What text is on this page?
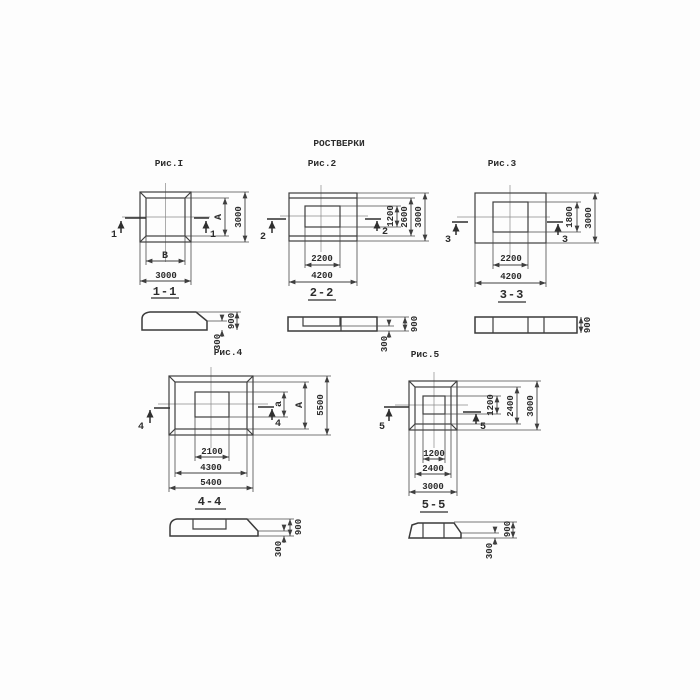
РОСТВЕРКИ
Рис.I
В
3000
А 3000
1	1
1-1
900
300
Рис.2
1200 2600 3000
2200
4200
2	2
2-2
900
300
Рис.3
1800 3000
2200
4200
3	3
3-3
900
Рис.4
а А 5500
2100
4300
5400
4	4
4-4
900
300
Рис.5
1200 2400 3000
1200
2400
3000
5	5
5-5
900
300
